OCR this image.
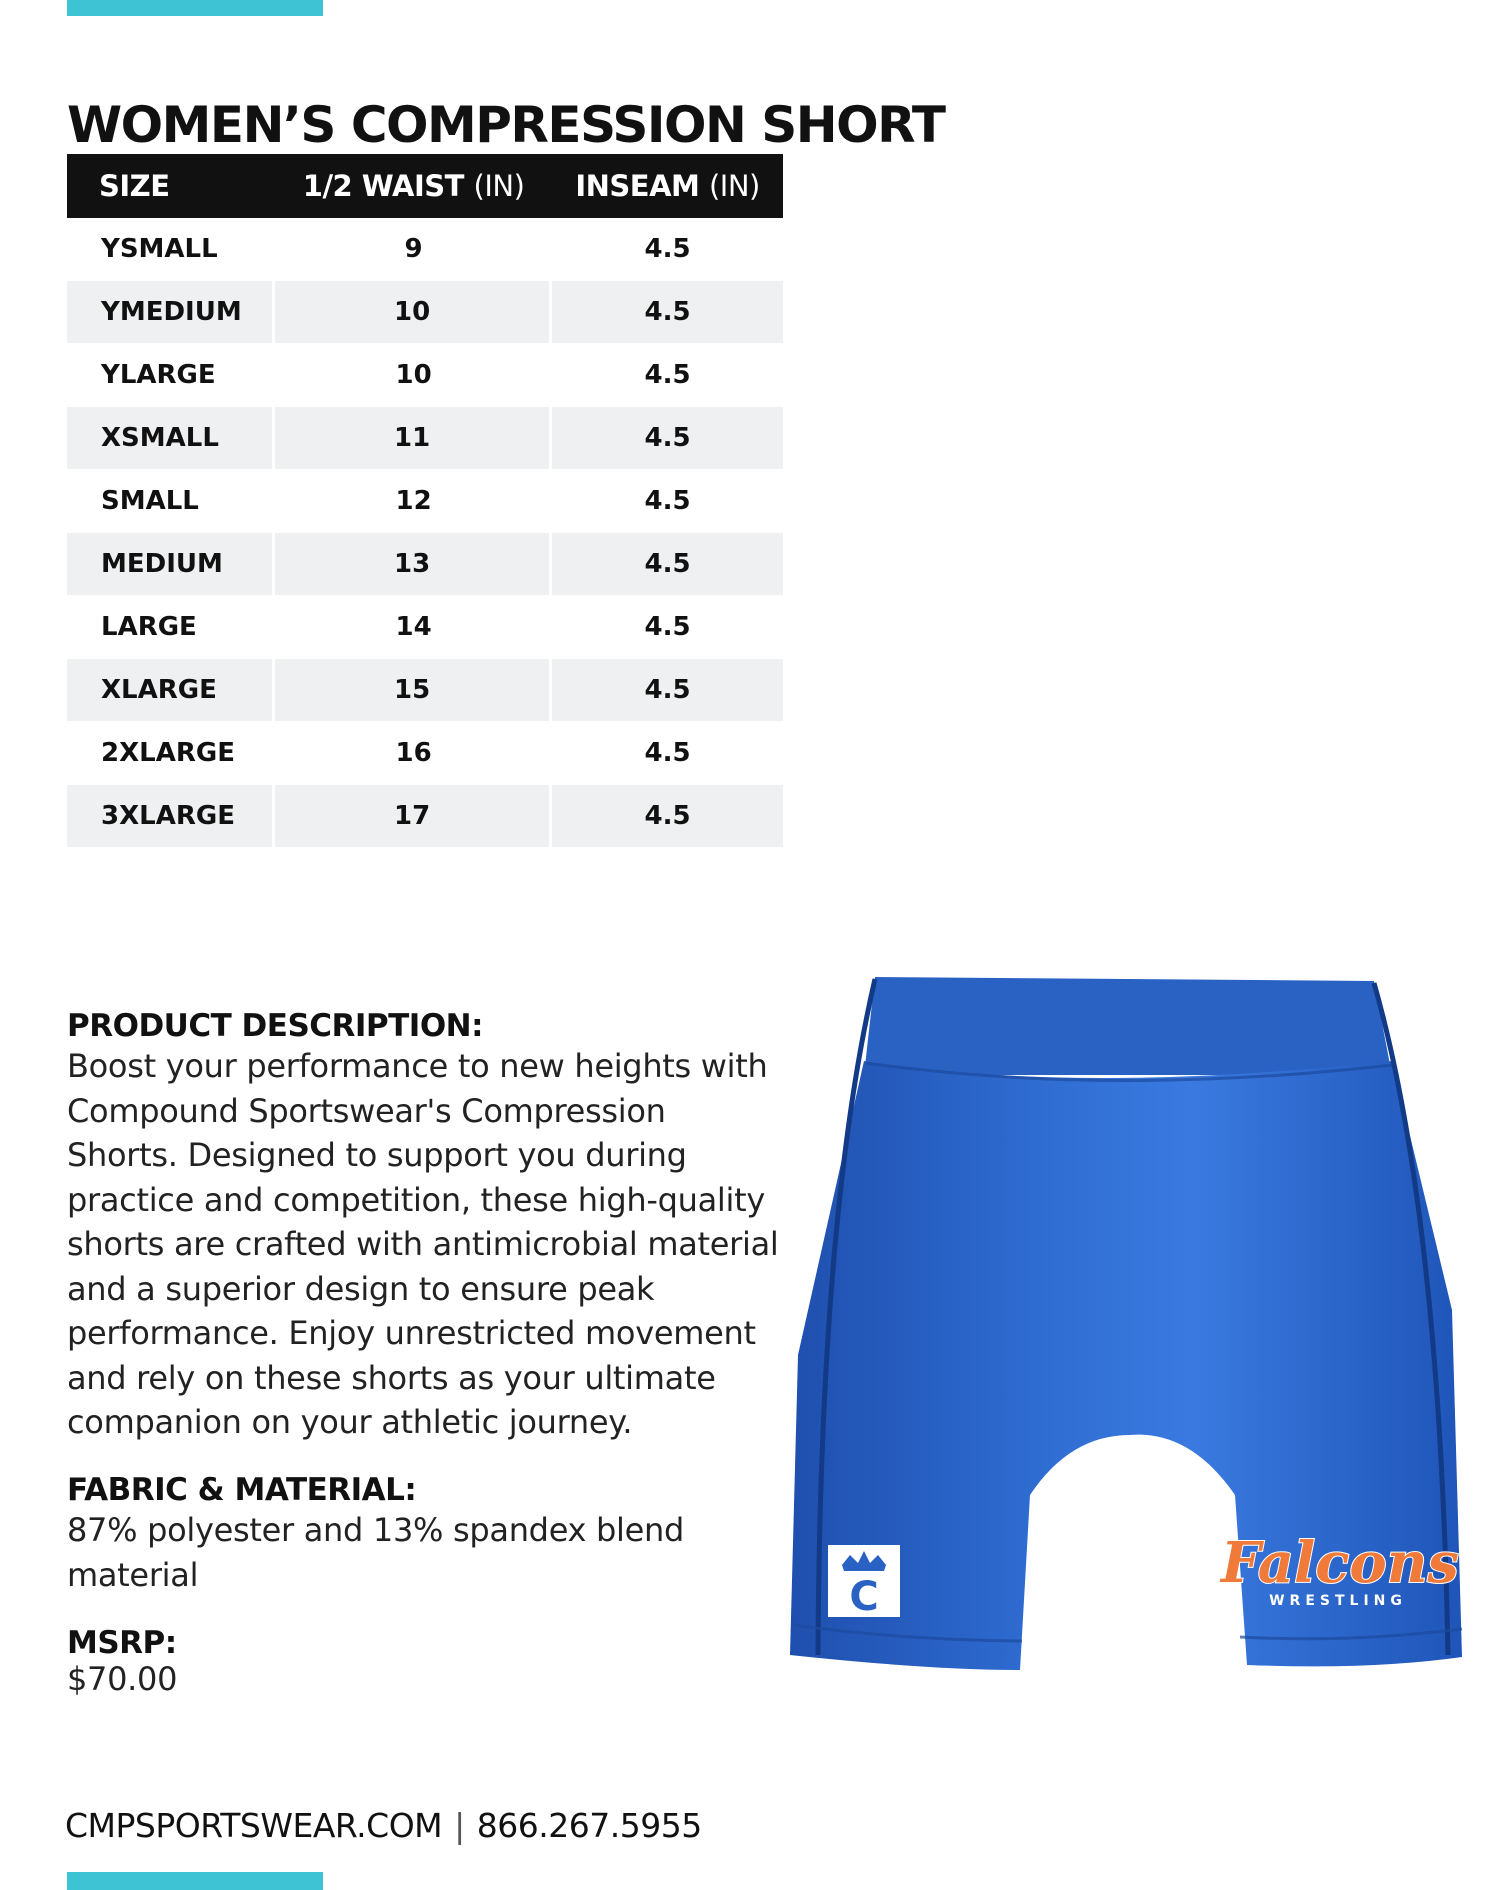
WOMEN’S COMPRESSION SHORT
SIZE	1/2 WAIST (IN)	INSEAM (IN)
YSMALL	9	4.5
YMEDIUM	10	4.5
YLARGE	10	4.5
XSMALL	11	4.5
SMALL	12	4.5
MEDIUM	13	4.5
LARGE	14	4.5
XLARGE	15	4.5
2XLARGE	16	4.5
3XLARGE	17	4.5
PRODUCT DESCRIPTION:

Boost your performance to new heights with
Compound Sportswear's Compression
Shorts. Designed to support you during
practice and competition, these high-quality
shorts are crafted with antimicrobial material
and a superior design to ensure peak
performance. Enjoy unrestricted movement
and rely on these shorts as your ultimate
companion on your athletic journey.

FABRIC & MATERIAL:

87% polyester and 13% spandex blend
material

MSRP:

$70.00

C
Falcons
WRESTLING
CMPSPORTSWEAR.COM | 866.267.5955
